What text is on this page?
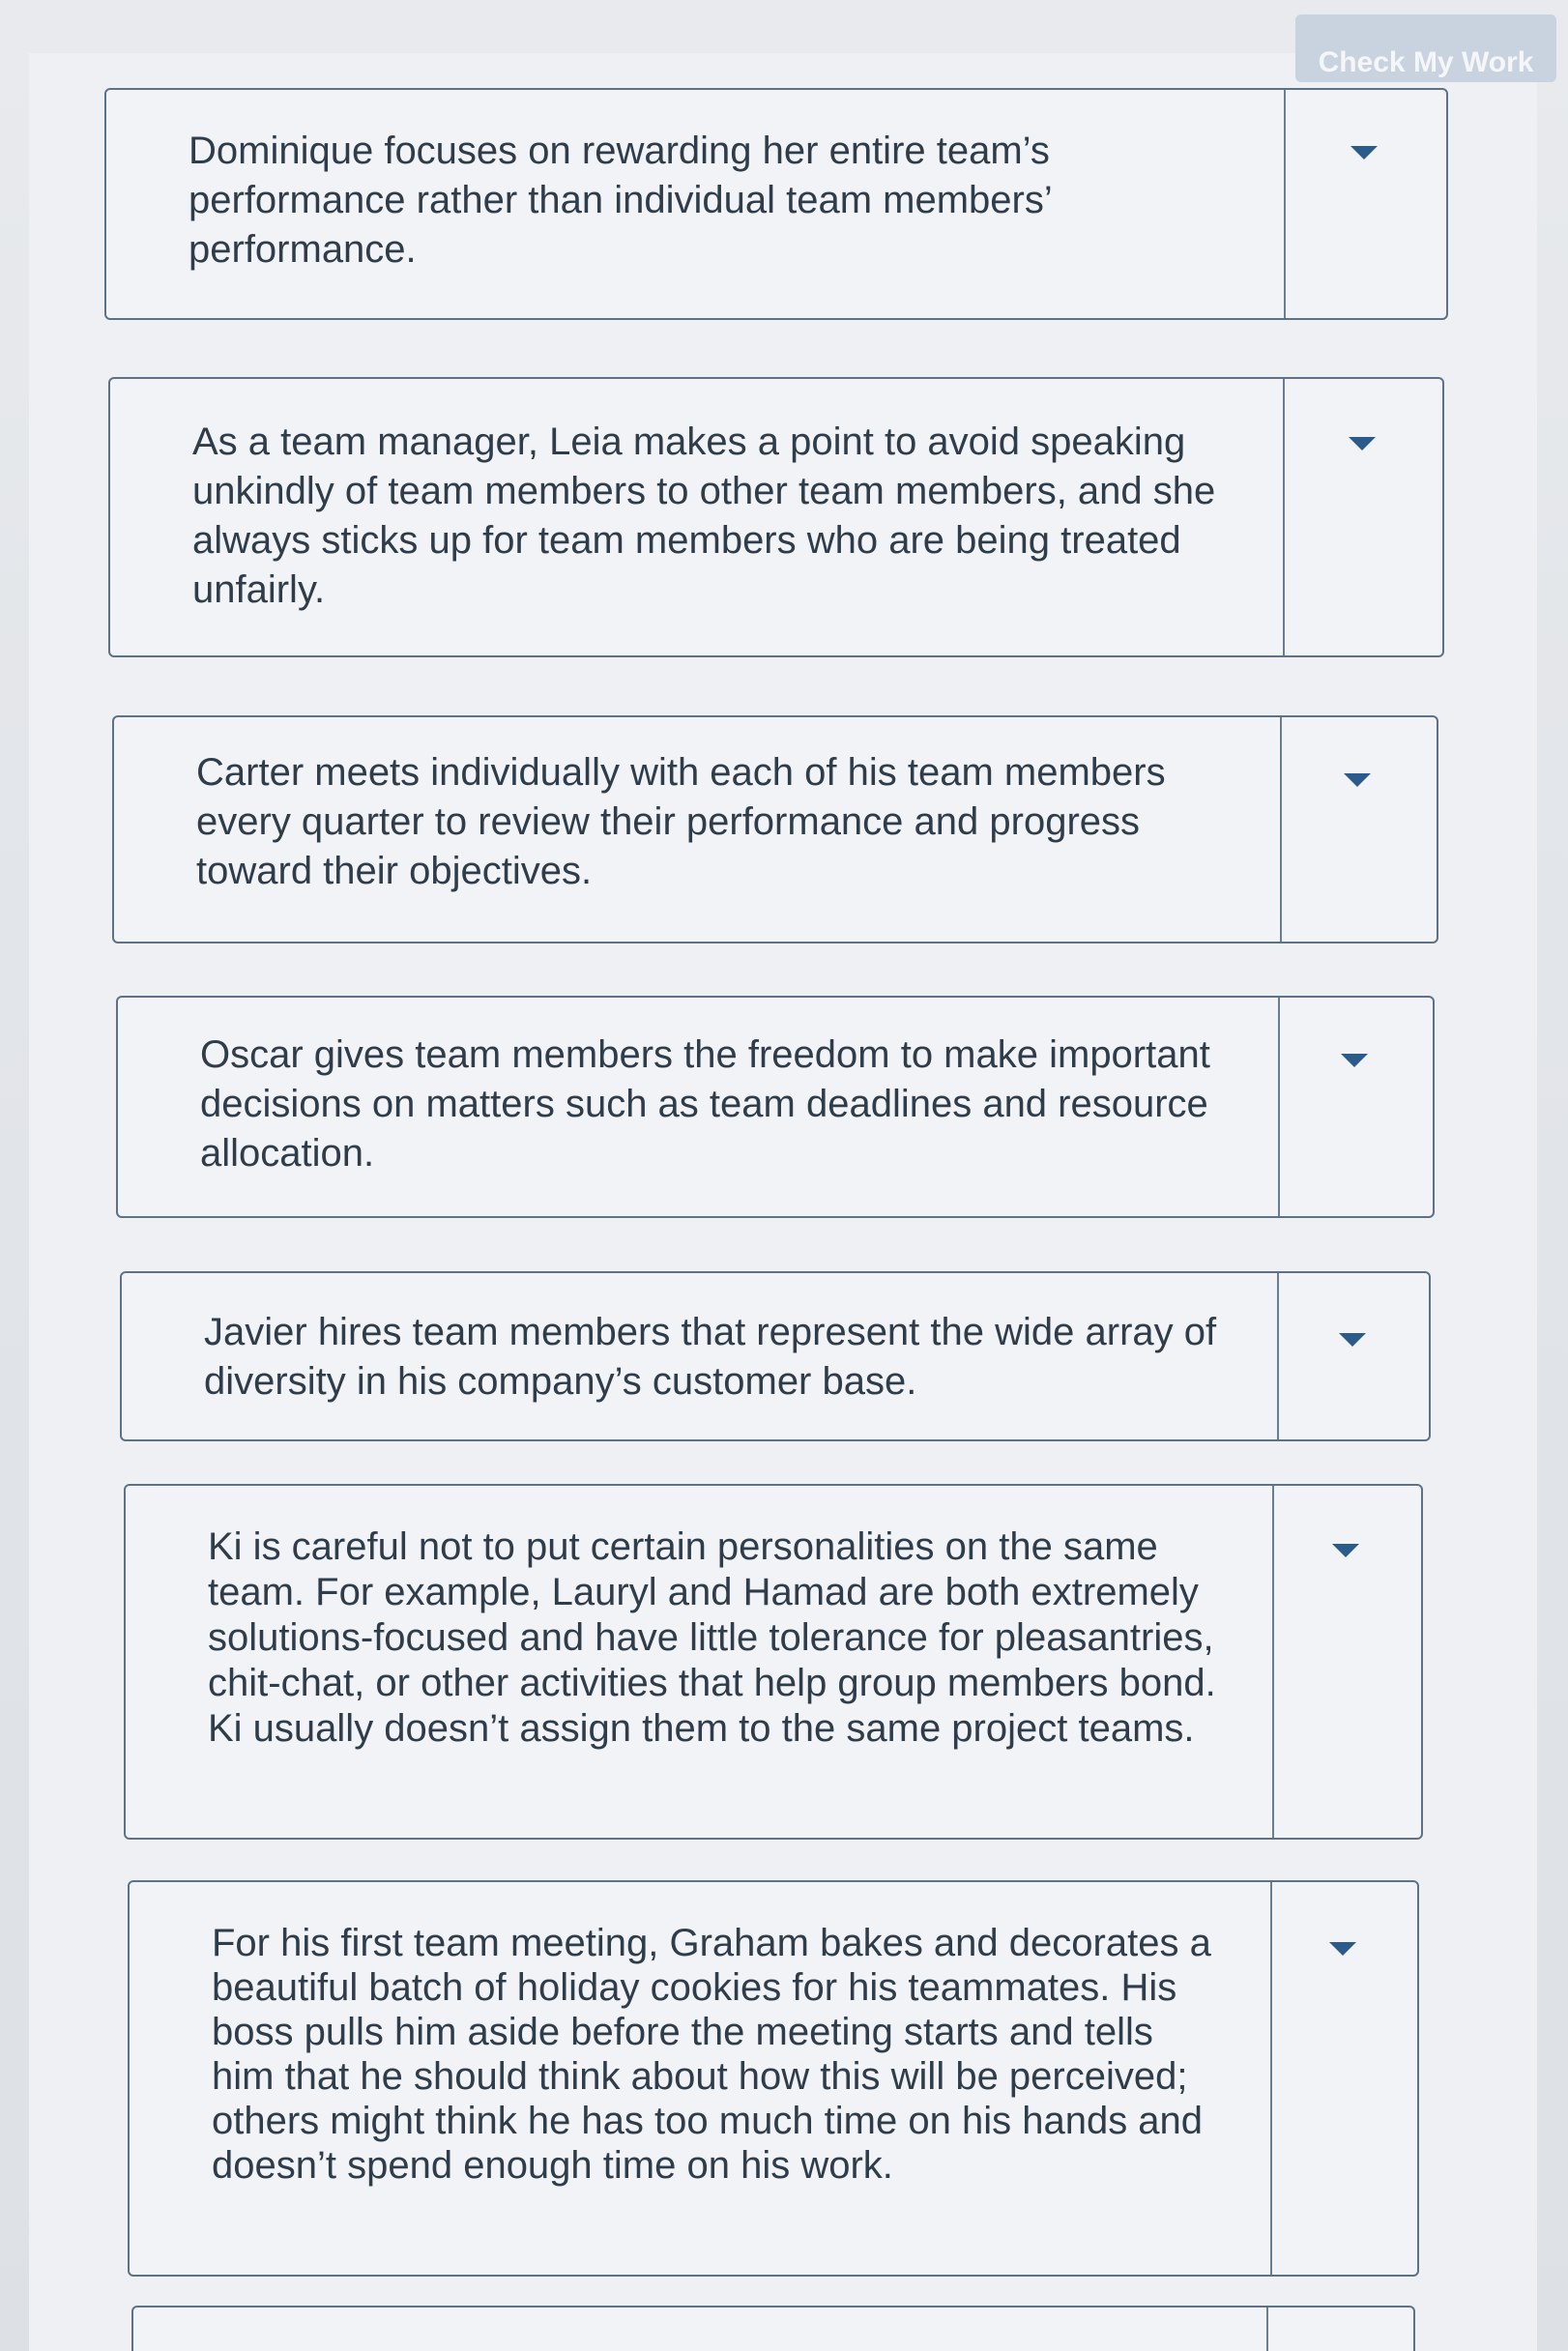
Check My Work
Dominique focuses on rewarding her entire team’s performance rather than individual team members’ performance.
As a team manager, Leia makes a point to avoid speaking unkindly of team members to other team members, and she always sticks up for team members who are being treated unfairly.
Carter meets individually with each of his team members every quarter to review their performance and progress toward their objectives.
Oscar gives team members the freedom to make important decisions on matters such as team deadlines and resource allocation.
Javier hires team members that represent the wide array of diversity in his company’s customer base.
Ki is careful not to put certain personalities on the same team. For example, Lauryl and Hamad are both extremely solutions-focused and have little tolerance for pleasantries, chit-chat, or other activities that help group members bond. Ki usually doesn’t assign them to the same project teams.
For his first team meeting, Graham bakes and decorates a beautiful batch of holiday cookies for his teammates. His boss pulls him aside before the meeting starts and tells him that he should think about how this will be perceived; others might think he has too much time on his hands and doesn’t spend enough time on his work.
